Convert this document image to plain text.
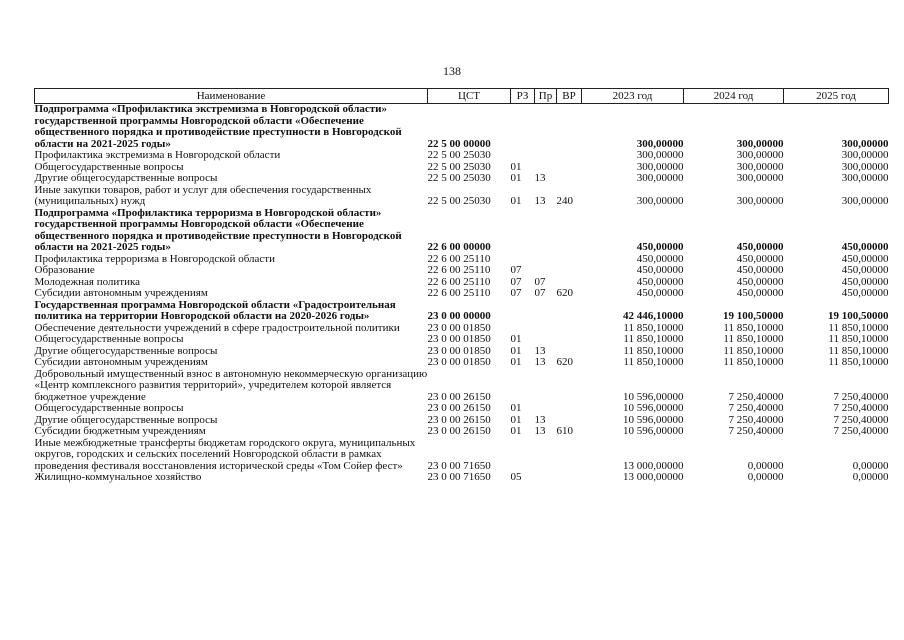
138
Наименование	ЦСТ	РЗ	Пр	ВР	2023 год	2024 год	2025 год
Подпрограмма «Профилактика экстремизма в Новгородской области» государственной программы Новгородской области «Обеспечение общественного порядка и противодействие преступности в Новгородской области на 2021-2025 годы»	22 5 00 00000				300,00000	300,00000	300,00000
Профилактика экстремизма в Новгородской области	22 5 00 25030				300,00000	300,00000	300,00000
Общегосударственные вопросы	22 5 00 25030	01			300,00000	300,00000	300,00000
Другие общегосударственные вопросы	22 5 00 25030	01	13		300,00000	300,00000	300,00000
Иные закупки товаров, работ и услуг для обеспечения государственных (муниципальных) нужд	22 5 00 25030	01	13	240	300,00000	300,00000	300,00000
Подпрограмма «Профилактика терроризма в Новгородской области» государственной программы Новгородской области «Обеспечение общественного порядка и противодействие преступности в Новгородской области на 2021-2025 годы»	22 6 00 00000				450,00000	450,00000	450,00000
Профилактика терроризма в Новгородской области	22 6 00 25110				450,00000	450,00000	450,00000
Образование	22 6 00 25110	07			450,00000	450,00000	450,00000
Молодежная политика	22 6 00 25110	07	07		450,00000	450,00000	450,00000
Субсидии автономным учреждениям	22 6 00 25110	07	07	620	450,00000	450,00000	450,00000
Государственная программа Новгородской области «Градостроительная политика на территории Новгородской области на 2020-2026 годы»	23 0 00 00000				42 446,10000	19 100,50000	19 100,50000
Обеспечение деятельности учреждений в сфере градостроительной политики	23 0 00 01850				11 850,10000	11 850,10000	11 850,10000
Общегосударственные вопросы	23 0 00 01850	01			11 850,10000	11 850,10000	11 850,10000
Другие общегосударственные вопросы	23 0 00 01850	01	13		11 850,10000	11 850,10000	11 850,10000
Субсидии автономным учреждениям	23 0 00 01850	01	13	620	11 850,10000	11 850,10000	11 850,10000
Добровольный имущественный взнос в автономную некоммерческую организацию «Центр комплексного развития территорий», учредителем которой является бюджетное учреждение	23 0 00 26150				10 596,00000	7 250,40000	7 250,40000
Общегосударственные вопросы	23 0 00 26150	01			10 596,00000	7 250,40000	7 250,40000
Другие общегосударственные вопросы	23 0 00 26150	01	13		10 596,00000	7 250,40000	7 250,40000
Субсидии бюджетным учреждениям	23 0 00 26150	01	13	610	10 596,00000	7 250,40000	7 250,40000
Иные межбюджетные трансферты бюджетам городского округа, муниципальных округов, городских и сельских поселений Новгородской области в рамках проведения фестиваля восстановления исторической среды «Том Сойер фест»	23 0 00 71650				13 000,00000	0,00000	0,00000
Жилищно-коммунальное хозяйство	23 0 00 71650	05			13 000,00000	0,00000	0,00000
